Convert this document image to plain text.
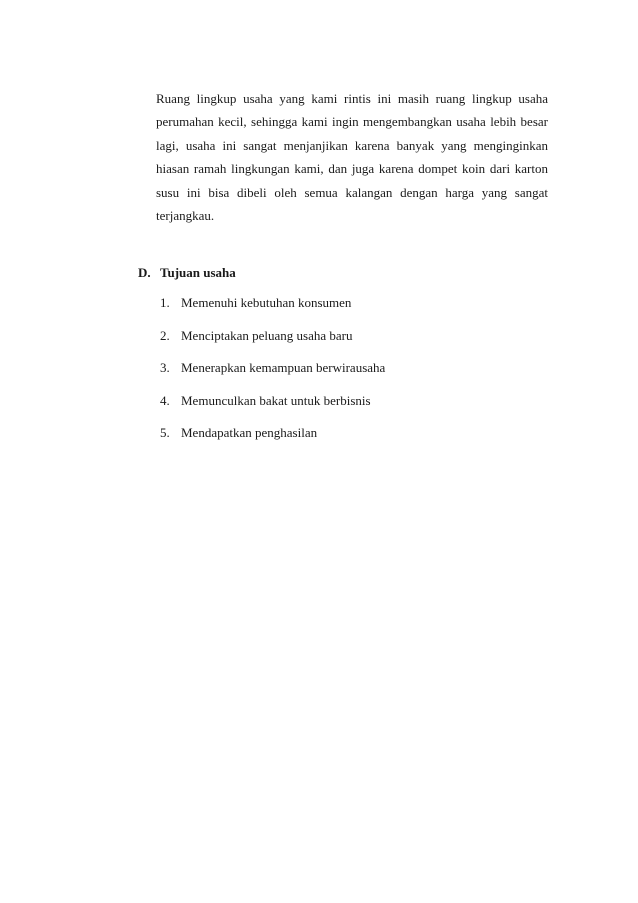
Ruang lingkup usaha yang kami rintis ini masih ruang lingkup usaha
perumahan kecil, sehingga kami ingin mengembangkan usaha lebih besar
lagi, usaha ini sangat menjanjikan karena banyak yang menginginkan
hiasan ramah lingkungan kami, dan juga karena dompet koin dari karton
susu ini bisa dibeli oleh semua kalangan dengan harga yang sangat
terjangkau.
D. Tujuan usaha
1. Memenuhi kebutuhan konsumen
2. Menciptakan peluang usaha baru
3. Menerapkan kemampuan berwirausaha
4. Memunculkan bakat untuk berbisnis
5. Mendapatkan penghasilan
